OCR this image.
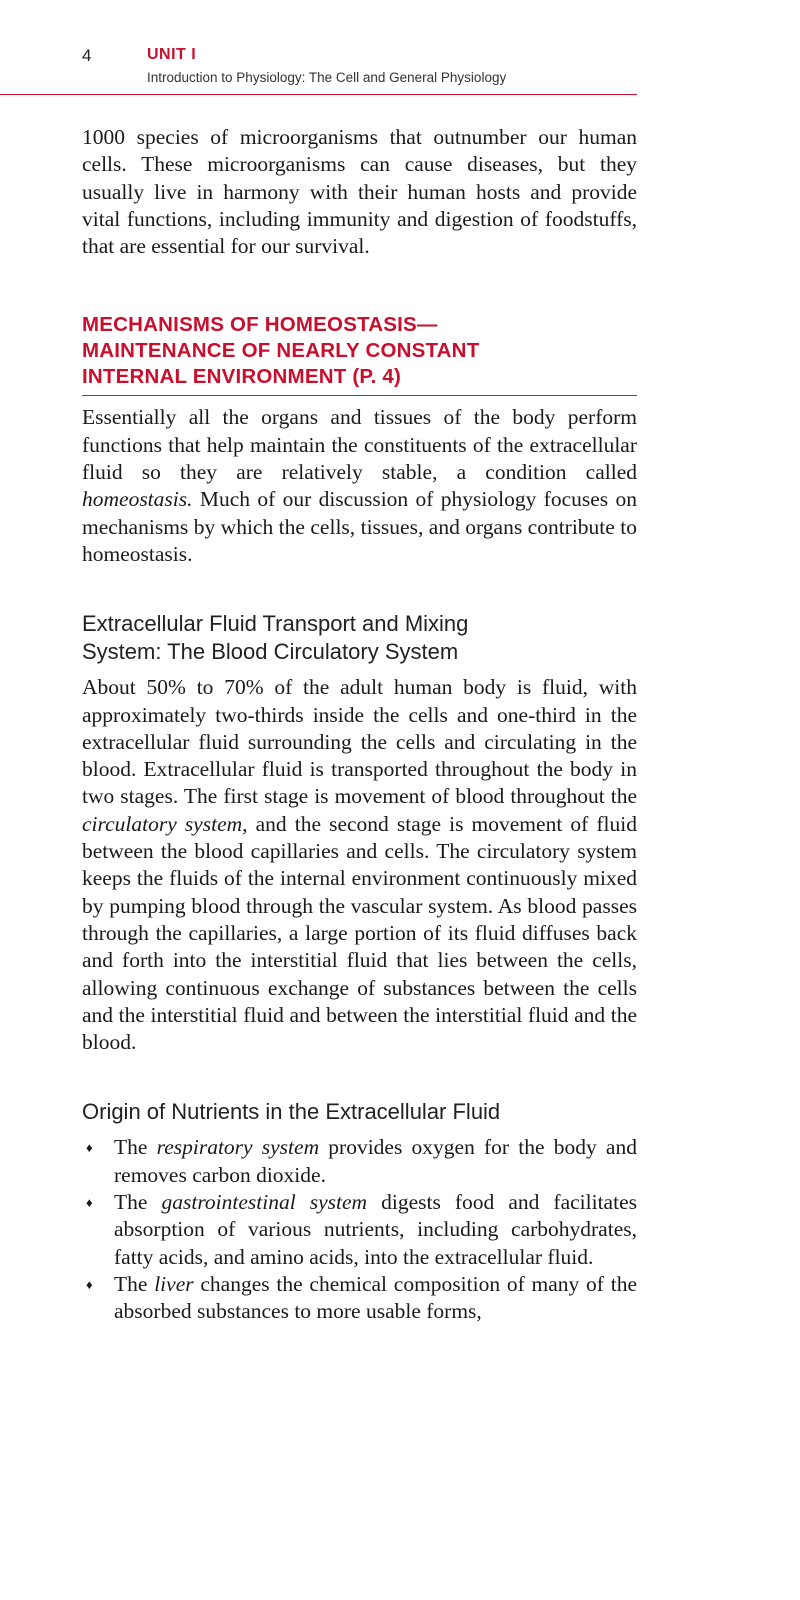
4	UNIT I
Introduction to Physiology: The Cell and General Physiology

1000 species of microorganisms that outnumber our human cells. These microorganisms can cause diseases, but they usually live in harmony with their human hosts and provide vital functions, including immunity and digestion of foodstuffs, that are essential for our survival.

MECHANISMS OF HOMEOSTASIS—
MAINTENANCE OF NEARLY CONSTANT
INTERNAL ENVIRONMENT (P. 4)

Essentially all the organs and tissues of the body perform functions that help maintain the constituents of the extracellular fluid so they are relatively stable, a condition called homeostasis. Much of our discussion of physiology focuses on mechanisms by which the cells, tissues, and organs contribute to homeostasis.

Extracellular Fluid Transport and Mixing
System: The Blood Circulatory System

About 50% to 70% of the adult human body is fluid, with approximately two-thirds inside the cells and one-third in the extracellular fluid surrounding the cells and circulating in the blood. Extracellular fluid is transported throughout the body in two stages. The first stage is movement of blood throughout the circulatory system, and the second stage is movement of fluid between the blood capillaries and cells. The circulatory system keeps the fluids of the internal environment continuously mixed by pumping blood through the vascular system. As blood passes through the capillaries, a large portion of its fluid diffuses back and forth into the interstitial fluid that lies between the cells, allowing continuous exchange of substances between the cells and the interstitial fluid and between the interstitial fluid and the blood.

Origin of Nutrients in the Extracellular Fluid
♦ The respiratory system provides oxygen for the body and removes carbon dioxide.
♦ The gastrointestinal system digests food and facilitates absorption of various nutrients, including carbohydrates, fatty acids, and amino acids, into the extracellular fluid.
♦ The liver changes the chemical composition of many of the absorbed substances to more usable forms,
